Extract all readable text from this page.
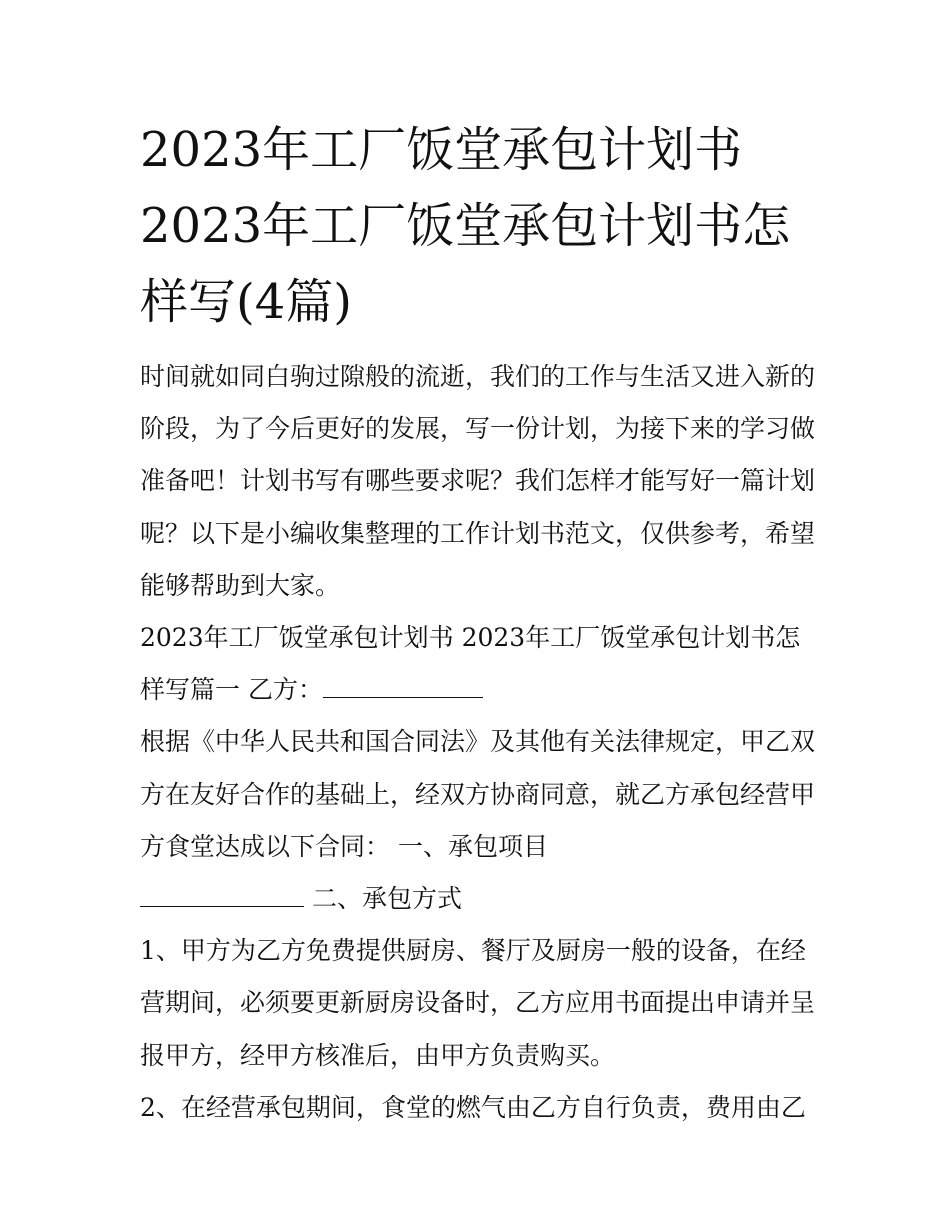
2023年工厂饭堂承包计划书
2023年工厂饭堂承包计划书怎样写(4篇)

时间就如同白驹过隙般的流逝，我们的工作与生活又进入新的阶段，为了今后更好的发展，写一份计划，为接下来的学习做准备吧！计划书写有哪些要求呢？我们怎样才能写好一篇计划呢？以下是小编收集整理的工作计划书范文，仅供参考，希望能够帮助到大家。

2023年工厂饭堂承包计划书 2023年工厂饭堂承包计划书怎样写篇一 乙方：

根据《中华人民共和国合同法》及其他有关法律规定，甲乙双方在友好合作的基础上，经双方协商同意，就乙方承包经营甲方食堂达成以下合同： 一、承包项目

二、承包方式

1、甲方为乙方免费提供厨房、餐厅及厨房一般的设备，在经营期间，必须要更新厨房设备时，乙方应用书面提出申请并呈报甲方，经甲方核准后，由甲方负责购买。

2、在经营承包期间，食堂的燃气由乙方自行负责，费用由乙
